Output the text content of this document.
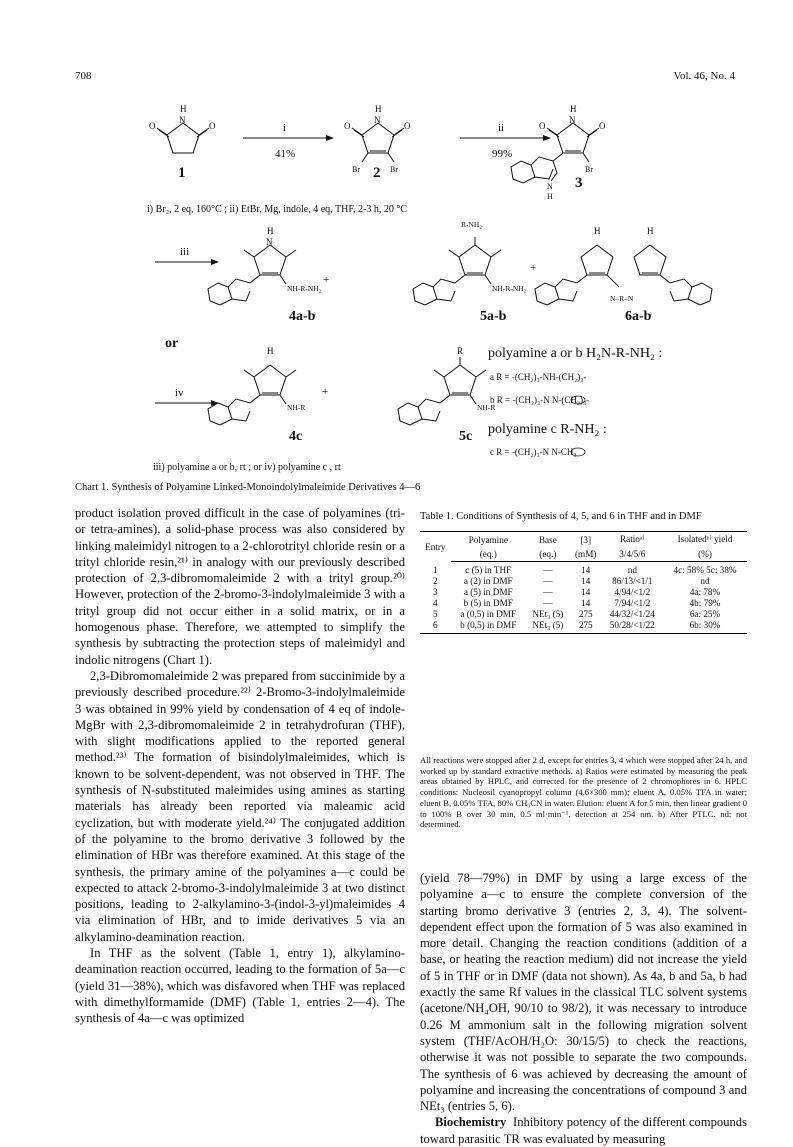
708	Vol. 46, No. 4
H
N
O	O
1
i
41%
H
N
O	O
Br	Br
2
ii
99%
H
N
O	O
Br
N
H
3
i) Br₂, 2 eq, 160°C ; ii) EtBr, Mg, indole, 4 eq, THF, 2-3 h, 20 °C
iii
H
N
NH-R-NH₂
+
R-NH₂
NH-R-NH₂
+
H	H
N–R–N
4a-b	5a-b	6a-b
or
iv
H
NH-R
+
R
NH-R
4c	5c
polyamine a or b H₂N-R-NH₂ :
a R = -(CH₂)₃-NH-(CH₂)₃-
b R = -(CH₂)₃-N N-(CH₂)₃-
polyamine c R-NH₂ :
c R = -(CH₂)₃-N N-CH₃
iii) polyamine a or b, rt ; or iv) polyamine c , rt
Chart 1. Synthesis of Polyamine Linked-Monoindolylmaleimide Derivatives 4—6

product isolation proved difficult in the case of polyamines (tri- or tetra-amines), a solid-phase process was also considered by linking maleimidyl nitrogen to a 2-chlorotrityl chloride resin or a trityl chloride resin,²¹⁾ in analogy with our previously described protection of 2,3-dibromomaleimide 2 with a trityl group.²⁰⁾ However, protection of the 2-bromo-3-indolylmaleimide 3 with a trityl group did not occur either in a solid matrix, or in a homogenous phase. Therefore, we attempted to simplify the synthesis by subtracting the protection steps of maleimidyl and indolic nitrogens (Chart 1).

2,3-Dibromomaleimide 2 was prepared from succinimide by a previously described procedure.²²⁾ 2-Bromo-3-indolylmaleimide 3 was obtained in 99% yield by condensation of 4 eq of indole-MgBr with 2,3-dibromomaleimide 2 in tetrahydrofuran (THF), with slight modifications applied to the reported general method.²³⁾ The formation of bisindolylmaleimides, which is known to be solvent-dependent, was not observed in THF. The synthesis of N-substituted maleimides using amines as starting materials has already been reported via maleamic acid cyclization, but with moderate yield.²⁴⁾ The conjugated addition of the polyamine to the bromo derivative 3 followed by the elimination of HBr was therefore examined. At this stage of the synthesis, the primary amine of the polyamines a—c could be expected to attack 2-bromo-3-indolylmaleimide 3 at two distinct positions, leading to 2-alkylamino-3-(indol-3-yl)maleimides 4 via elimination of HBr, and to imide derivatives 5 via an alkylamino-deamination reaction.

In THF as the solvent (Table 1, entry 1), alkylamino-deamination reaction occurred, leading to the formation of 5a—c (yield 31—38%), which was disfavored when THF was replaced with dimethylformamide (DMF) (Table 1, entries 2—4). The synthesis of 4a—c was optimized

Table 1. Conditions of Synthesis of 4, 5, and 6 in THF and in DMF
Entry	Polyamine	Base	[3]	Ratioᵃ⁾	Isolatedᵇ⁾ yield
	(eq.)	(eq.)	(mM)	3/4/5/6	(%)
1	c (5) in THF	—	14	nd	4c: 58% 5c: 38%
2	a (2) in DMF	—	14	86/13/<1/1	nd
3	a (5) in DMF	—	14	4/94/<1/2	4a: 78%
4	b (5) in DMF	—	14	7/94/<1/2	4b: 79%
5	a (0,5) in DMF	NEt₃ (5)	275	44/32/<1/24	6a: 25%
6	b (0,5) in DMF	NEt₃ (5)	275	50/28/<1/22	6b: 30%
All reactions were stopped after 2 d, except for entries 3, 4 which were stopped after 24 h, and worked up by standard extractive methods. a) Ratios were estimated by measuring the peak areas obtained by HPLC, and corrected for the presence of 2 chromophores in 6. HPLC conditions: Nucleosil cyanopropyl column (4.6×300 mm); eluent A, 0.05% TFA in water; eluent B, 0.05% TFA, 80% CH₃CN in water. Elution: eluent A for 5 min, then linear gradient 0 to 100% B over 30 min, 0.5 ml·min⁻¹, detection at 254 nm. b) After PTLC. nd: not determined.

(yield 78—79%) in DMF by using a large excess of the polyamine a—c to ensure the complete conversion of the starting bromo derivative 3 (entries 2, 3, 4). The solvent-dependent effect upon the formation of 5 was also examined in more detail. Changing the reaction conditions (addition of a base, or heating the reaction medium) did not increase the yield of 5 in THF or in DMF (data not shown). As 4a, b and 5a, b had exactly the same Rf values in the classical TLC solvent systems (acetone/NH₄OH, 90/10 to 98/2), it was necessary to introduce 0.26 M ammonium salt in the following migration solvent system (THF/AcOH/H₂O: 30/15/5) to check the reactions, otherwise it was not possible to separate the two compounds. The synthesis of 6 was achieved by decreasing the amount of polyamine and increasing the concentrations of compound 3 and NEt₃ (entries 5, 6).

Biochemistry Inhibitory potency of the different compounds toward parasitic TR was evaluated by measuring
